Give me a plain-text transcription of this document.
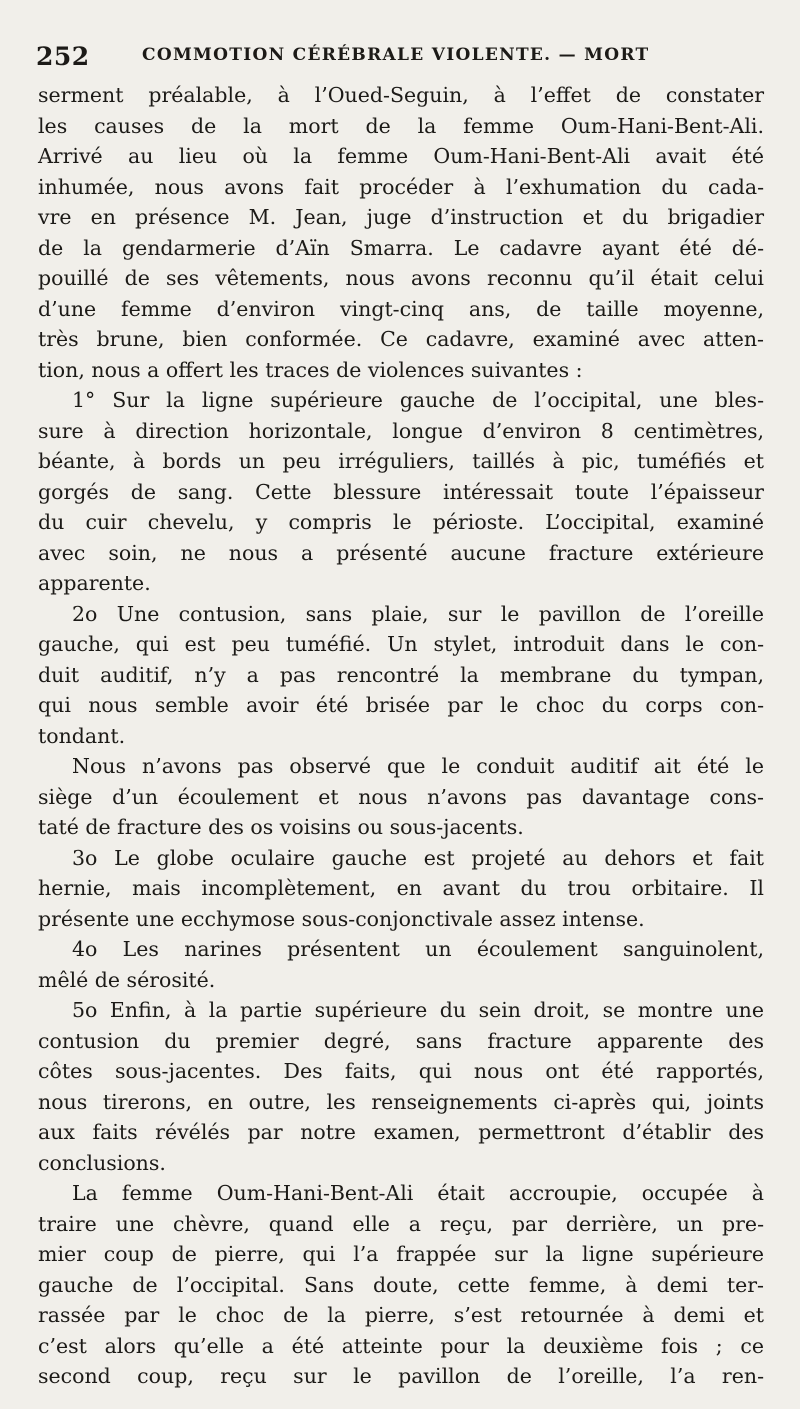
252	COMMOTION CÉRÉBRALE VIOLENTE. — MORT
serment préalable, à l’Oued-Seguin, à l’effet de constater
les causes de la mort de la femme Oum-Hani-Bent-Ali.
Arrivé au lieu où la femme Oum-Hani-Bent-Ali avait été
inhumée, nous avons fait procéder à l’exhumation du cada-
vre en présence M. Jean, juge d’instruction et du brigadier
de la gendarmerie d’Aïn Smarra. Le cadavre ayant été dé-
pouillé de ses vêtements, nous avons reconnu qu’il était celui
d’une femme d’environ vingt-cinq ans, de taille moyenne,
très brune, bien conformée. Ce cadavre, examiné avec atten-
tion, nous a offert les traces de violences suivantes :
1° Sur la ligne supérieure gauche de l’occipital, une bles-
sure à direction horizontale, longue d’environ 8 centimètres,
béante, à bords un peu irréguliers, taillés à pic, tuméfiés et
gorgés de sang. Cette blessure intéressait toute l’épaisseur
du cuir chevelu, y compris le périoste. L’occipital, examiné
avec soin, ne nous a présenté aucune fracture extérieure
apparente.
2o Une contusion, sans plaie, sur le pavillon de l’oreille
gauche, qui est peu tuméfié. Un stylet, introduit dans le con-
duit auditif, n’y a pas rencontré la membrane du tympan,
qui nous semble avoir été brisée par le choc du corps con-
tondant.
Nous n’avons pas observé que le conduit auditif ait été le
siège d’un écoulement et nous n’avons pas davantage cons-
taté de fracture des os voisins ou sous-jacents.
3o Le globe oculaire gauche est projeté au dehors et fait
hernie, mais incomplètement, en avant du trou orbitaire. Il
présente une ecchymose sous-conjonctivale assez intense.
4o Les narines présentent un écoulement sanguinolent,
mêlé de sérosité.
5o Enfin, à la partie supérieure du sein droit, se montre une
contusion du premier degré, sans fracture apparente des
côtes sous-jacentes. Des faits, qui nous ont été rapportés,
nous tirerons, en outre, les renseignements ci-après qui, joints
aux faits révélés par notre examen, permettront d’établir des
conclusions.
La femme Oum-Hani-Bent-Ali était accroupie, occupée à
traire une chèvre, quand elle a reçu, par derrière, un pre-
mier coup de pierre, qui l’a frappée sur la ligne supérieure
gauche de l’occipital. Sans doute, cette femme, à demi ter-
rassée par le choc de la pierre, s’est retournée à demi et
c’est alors qu’elle a été atteinte pour la deuxième fois ; ce
second coup, reçu sur le pavillon de l’oreille, l’a ren-
